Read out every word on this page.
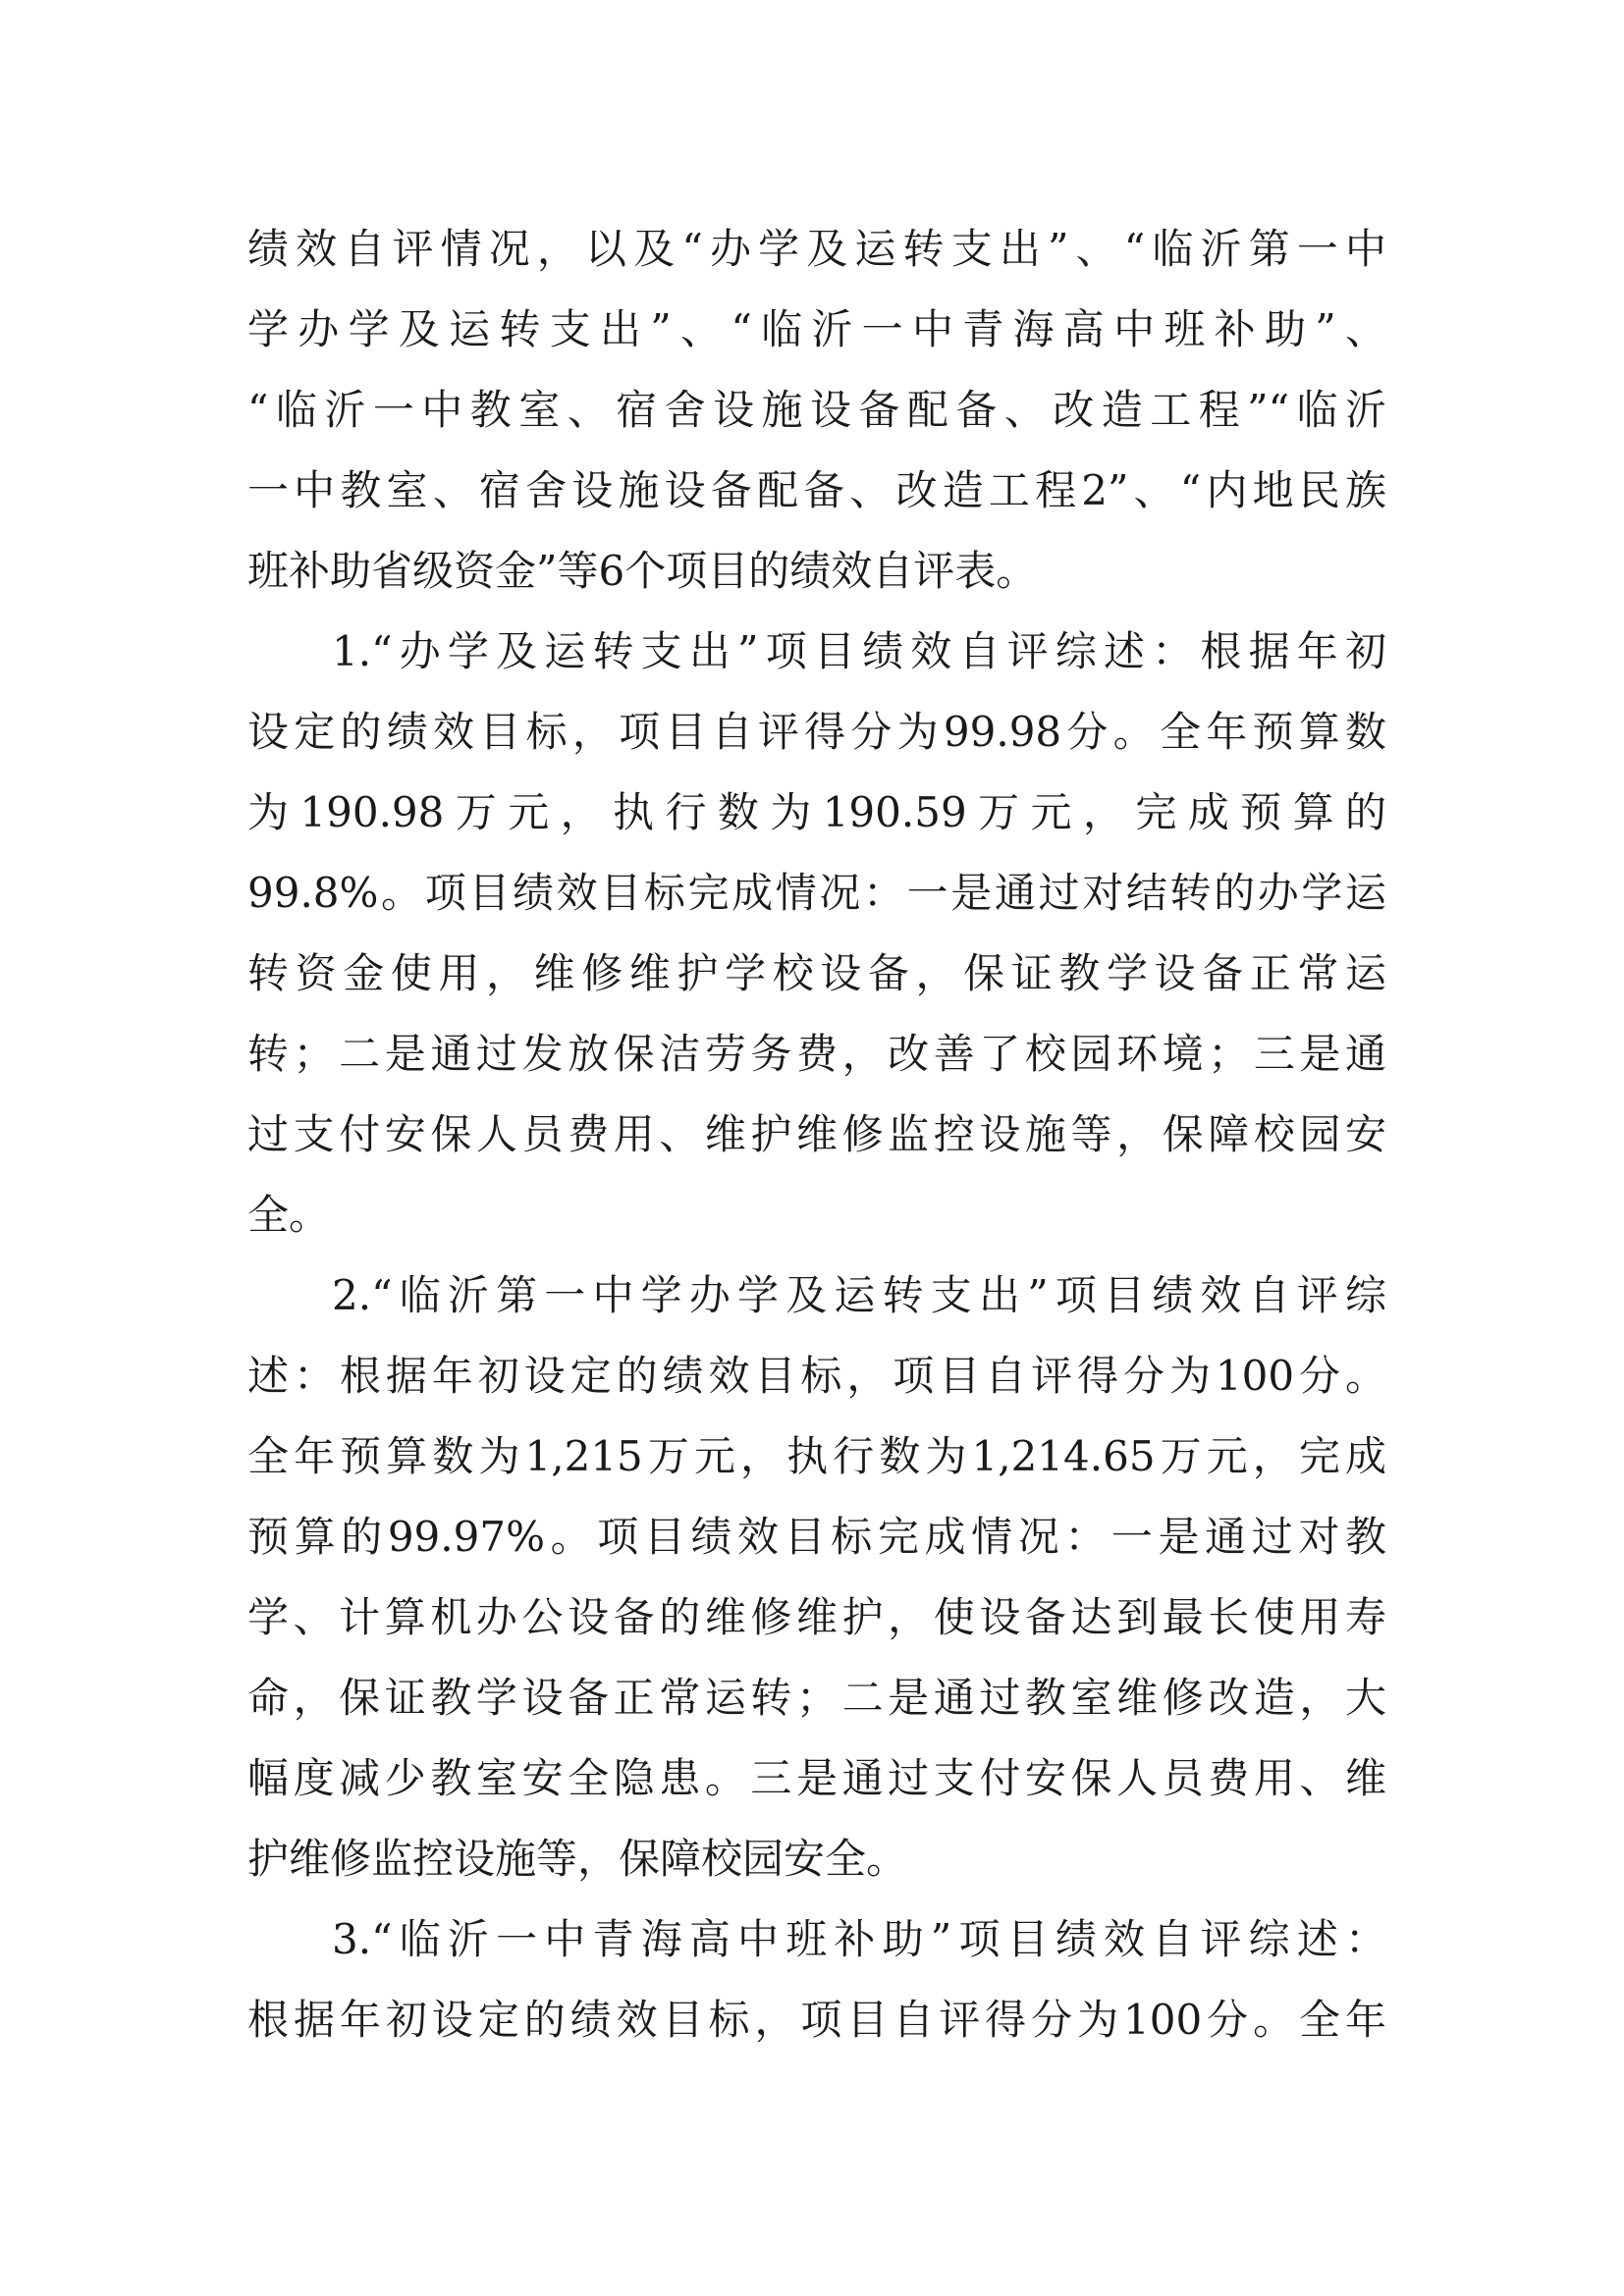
绩效自评情况，以及“办学及运转支出”、“临沂第一中
学办学及运转支出”、“临沂一中青海高中班补助”、
“临沂一中教室、宿舍设施设备配备、改造工程”“临沂
一中教室、宿舍设施设备配备、改造工程2”、“内地民族
班补助省级资金”等6个项目的绩效自评表。
1.“办学及运转支出”项目绩效自评综述：根据年初
设定的绩效目标，项目自评得分为99.98分。全年预算数
为190.98万元，执行数为190.59万元，完成预算的
99.8%。项目绩效目标完成情况：一是通过对结转的办学运
转资金使用，维修维护学校设备，保证教学设备正常运
转；二是通过发放保洁劳务费，改善了校园环境；三是通
过支付安保人员费用、维护维修监控设施等，保障校园安
全。
2.“临沂第一中学办学及运转支出”项目绩效自评综
述：根据年初设定的绩效目标，项目自评得分为100分。
全年预算数为1,215万元，执行数为1,214.65万元，完成
预算的99.97%。项目绩效目标完成情况：一是通过对教
学、计算机办公设备的维修维护，使设备达到最长使用寿
命，保证教学设备正常运转；二是通过教室维修改造，大
幅度减少教室安全隐患。三是通过支付安保人员费用、维
护维修监控设施等，保障校园安全。
3.“临沂一中青海高中班补助”项目绩效自评综述：
根据年初设定的绩效目标，项目自评得分为100分。全年
